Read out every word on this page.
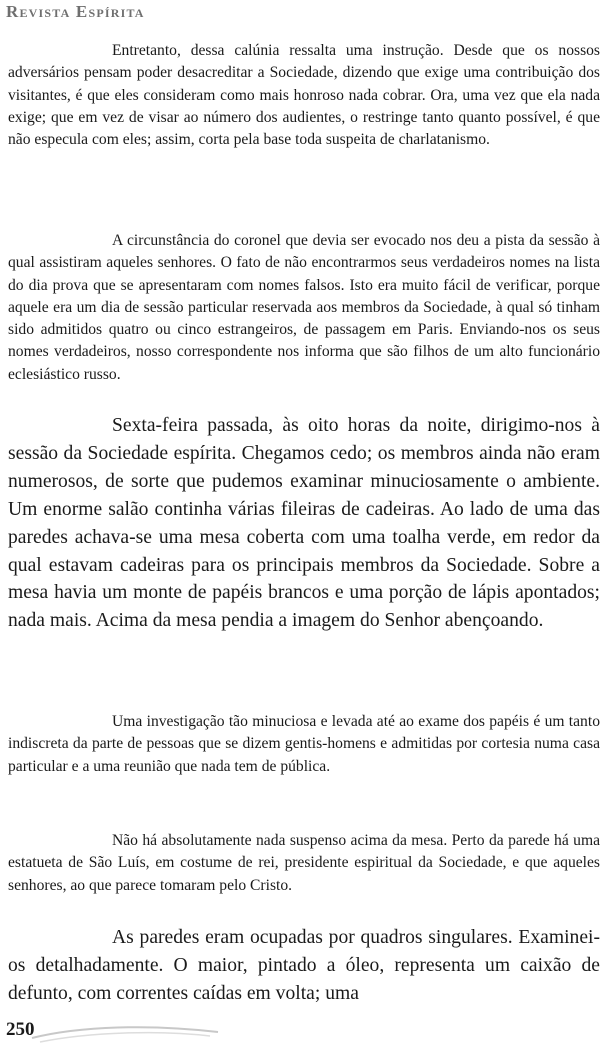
Revista Espírita

Entretanto, dessa calúnia ressalta uma instrução. Desde que os nossos adversários pensam poder desacreditar a Sociedade, dizendo que exige uma contribuição dos visitantes, é que eles consideram como mais honroso nada cobrar. Ora, uma vez que ela nada exige; que em vez de visar ao número dos audientes, o restringe tanto quanto possível, é que não especula com eles; assim, corta pela base toda suspeita de charlatanismo.

A circunstância do coronel que devia ser evocado nos deu a pista da sessão à qual assistiram aqueles senhores. O fato de não encontrarmos seus verdadeiros nomes na lista do dia prova que se apresentaram com nomes falsos. Isto era muito fácil de verificar, porque aquele era um dia de sessão particular reservada aos membros da Sociedade, à qual só tinham sido admitidos quatro ou cinco estrangeiros, de passagem em Paris. Enviando-nos os seus nomes verdadeiros, nosso correspondente nos informa que são filhos de um alto funcionário eclesiástico russo.

Sexta-feira passada, às oito horas da noite, dirigimo-nos à sessão da Sociedade espírita. Chegamos cedo; os membros ainda não eram numerosos, de sorte que pudemos examinar minuciosamente o ambiente. Um enorme salão continha várias fileiras de cadeiras. Ao lado de uma das paredes achava-se uma mesa coberta com uma toalha verde, em redor da qual estavam cadeiras para os principais membros da Sociedade. Sobre a mesa havia um monte de papéis brancos e uma porção de lápis apontados; nada mais. Acima da mesa pendia a imagem do Senhor abençoando.

Uma investigação tão minuciosa e levada até ao exame dos papéis é um tanto indiscreta da parte de pessoas que se dizem gentis-homens e admitidas por cortesia numa casa particular e a uma reunião que nada tem de pública.

Não há absolutamente nada suspenso acima da mesa. Perto da parede há uma estatueta de São Luís, em costume de rei, presidente espiritual da Sociedade, e que aqueles senhores, ao que parece tomaram pelo Cristo.

As paredes eram ocupadas por quadros singulares. Examinei-os detalhadamente. O maior, pintado a óleo, representa um caixão de defunto, com correntes caídas em volta; uma

250
